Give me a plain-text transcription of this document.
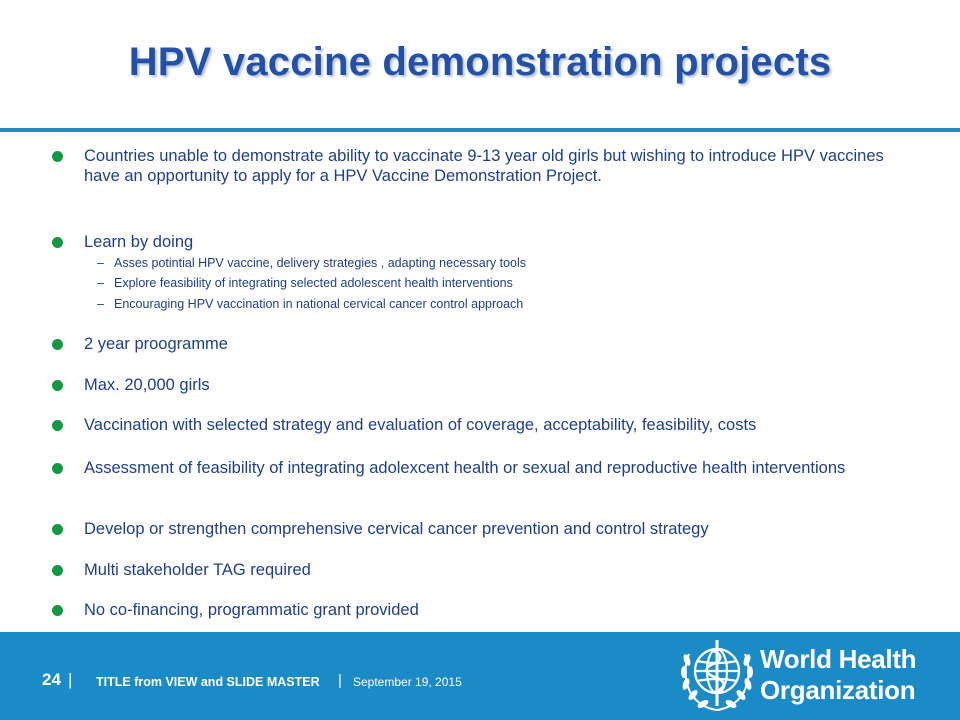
HPV vaccine demonstration projects
Countries unable to demonstrate ability to vaccinate 9-13 year old girls but wishing to introduce HPV vaccines have an opportunity to apply for a HPV Vaccine Demonstration Project.
Learn by doing
– Asses potintial HPV vaccine, delivery strategies , adapting necessary tools
– Explore feasibility of integrating selected adolescent health interventions
– Encouraging HPV vaccination in national cervical cancer control approach
2 year proogramme
Max. 20,000 girls
Vaccination with selected strategy and evaluation of coverage, acceptability, feasibility, costs
Assessment of feasibility of integrating adolexcent health or sexual and reproductive health interventions
Develop or strengthen comprehensive cervical cancer prevention and control strategy
Multi stakeholder TAG required
No co-financing, programmatic grant provided
24 | TITLE from VIEW and SLIDE MASTER | September 19, 2015
World Health
Organization
